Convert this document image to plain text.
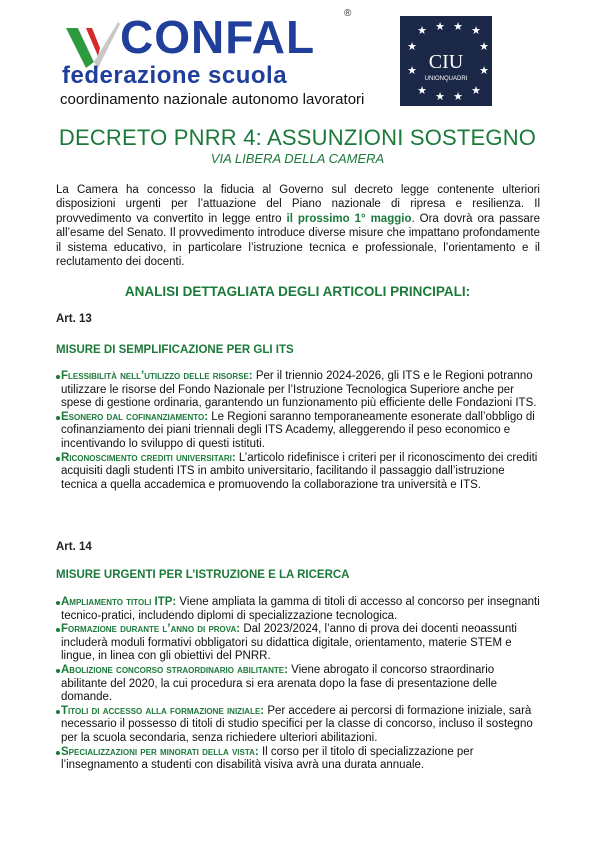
CONFAL	®
federazione scuola
coordinamento nazionale autonomo lavoratori
★ ★ ★ ★
★	★
★	★
★ ★ ★ ★
CIU
UNIONQUADRI
DECRETO PNRR 4: ASSUNZIONI SOSTEGNO
VIA LIBERA DELLA CAMERA

La Camera ha concesso la fiducia al Governo sul decreto legge contenente ulteriori disposizioni urgenti per l’attuazione del Piano nazionale di ripresa e resilienza. Il provvedimento va convertito in legge entro il prossimo 1° maggio. Ora dovrà ora passare all’esame del Senato. Il provvedimento introduce diverse misure che impattano profondamente il sistema educativo, in particolare l’istruzione tecnica e professionale, l’orientamento e il reclutamento dei docenti.

ANALISI DETTAGLIATA DEGLI ARTICOLI PRINCIPALI:
Art. 13
MISURE DI SEMPLIFICAZIONE PER GLI ITS
Flessibilità nell’utilizzo delle risorse: Per il triennio 2024-2026, gli ITS e le Regioni potranno utilizzare le risorse del Fondo Nazionale per l’Istruzione Tecnologica Superiore anche per spese di gestione ordinaria, garantendo un funzionamento più efficiente delle Fondazioni ITS.
Esonero dal cofinanziamento: Le Regioni saranno temporaneamente esonerate dall’obbligo di cofinanziamento dei piani triennali degli ITS Academy, alleggerendo il peso economico e incentivando lo sviluppo di questi istituti.
Riconoscimento crediti universitari: L’articolo ridefinisce i criteri per il riconoscimento dei crediti acquisiti dagli studenti ITS in ambito universitario, facilitando il passaggio dall’istruzione tecnica a quella accademica e promuovendo la collaborazione tra università e ITS.
Art. 14
MISURE URGENTI PER L’ISTRUZIONE E LA RICERCA
Ampliamento titoli ITP: Viene ampliata la gamma di titoli di accesso al concorso per insegnanti tecnico-pratici, includendo diplomi di specializzazione tecnologica.
Formazione durante l’anno di prova: Dal 2023/2024, l’anno di prova dei docenti neoassunti includerà moduli formativi obbligatori su didattica digitale, orientamento, materie STEM e lingue, in linea con gli obiettivi del PNRR.
Abolizione concorso straordinario abilitante: Viene abrogato il concorso straordinario abilitante del 2020, la cui procedura si era arenata dopo la fase di presentazione delle domande.
Titoli di accesso alla formazione iniziale: Per accedere ai percorsi di formazione iniziale, sarà necessario il possesso di titoli di studio specifici per la classe di concorso, incluso il sostegno per la scuola secondaria, senza richiedere ulteriori abilitazioni.
Specializzazioni per minorati della vista: Il corso per il titolo di specializzazione per l’insegnamento a studenti con disabilità visiva avrà una durata annuale.
